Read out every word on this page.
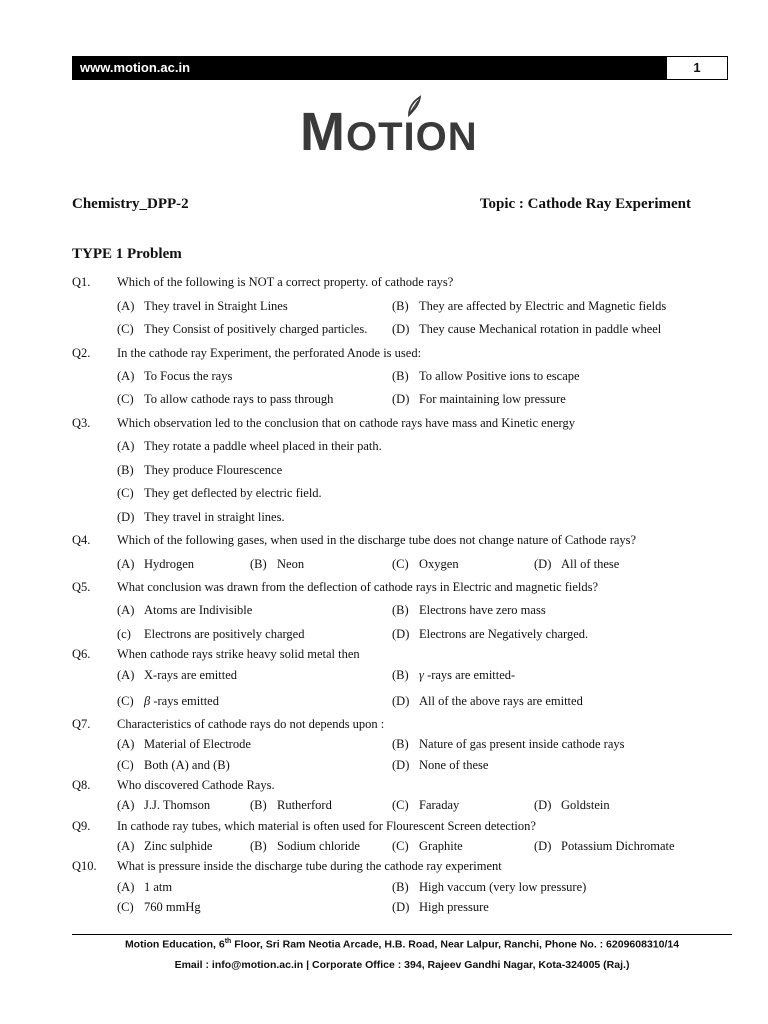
www.motion.ac.in	1
M OT I ON
Chemistry_DPP-2	Topic : Cathode Ray Experiment
TYPE 1 Problem
Q1. Which of the following is NOT a correct property. of cathode rays?
(A) They travel in Straight Lines	(B) They are affected by Electric and Magnetic fields
(C) They Consist of positively charged particles. (D) They cause Mechanical rotation in paddle wheel
Q2. In the cathode ray Experiment, the perforated Anode is used:
(A) To Focus the rays	(B) To allow Positive ions to escape
(C) To allow cathode rays to pass through	(D) For maintaining low pressure
Q3. Which observation led to the conclusion that on cathode rays have mass and Kinetic energy
(A) They rotate a paddle wheel placed in their path.
(B) They produce Flourescence
(C) They get deflected by electric field.
(D) They travel in straight lines.
Q4. Which of the following gases, when used in the discharge tube does not change nature of Cathode rays?
(A) Hydrogen	(B) Neon	(C) Oxygen	(D) All of these
Q5. What conclusion was drawn from the deflection of cathode rays in Electric and magnetic fields?
(A) Atoms are Indivisible	(B) Electrons have zero mass
(c) Electrons are positively charged	(D) Electrons are Negatively charged.
Q6. When cathode rays strike heavy solid metal then
(A) X-rays are emitted	(B) γ -rays are emitted-
(C) β -rays emitted	(D) All of the above rays are emitted
Q7. Characteristics of cathode rays do not depends upon :
(A) Material of Electrode	(B) Nature of gas present inside cathode rays
(C) Both (A) and (B)	(D) None of these
Q8. Who discovered Cathode Rays.
(A) J.J. Thomson	(B) Rutherford	(C) Faraday	(D) Goldstein
Q9. In cathode ray tubes, which material is often used for Flourescent Screen detection?
(A) Zinc sulphide	(B) Sodium chloride	(C) Graphite	(D) Potassium Dichromate
Q10. What is pressure inside the discharge tube during the cathode ray experiment
(A) 1 atm	(B) High vaccum (very low pressure)
(C) 760 mmHg	(D) High pressure
Motion Education, 6th Floor, Sri Ram Neotia Arcade, H.B. Road, Near Lalpur, Ranchi, Phone No. : 6209608310/14
Email : info@motion.ac.in | Corporate Office : 394, Rajeev Gandhi Nagar, Kota-324005 (Raj.)
